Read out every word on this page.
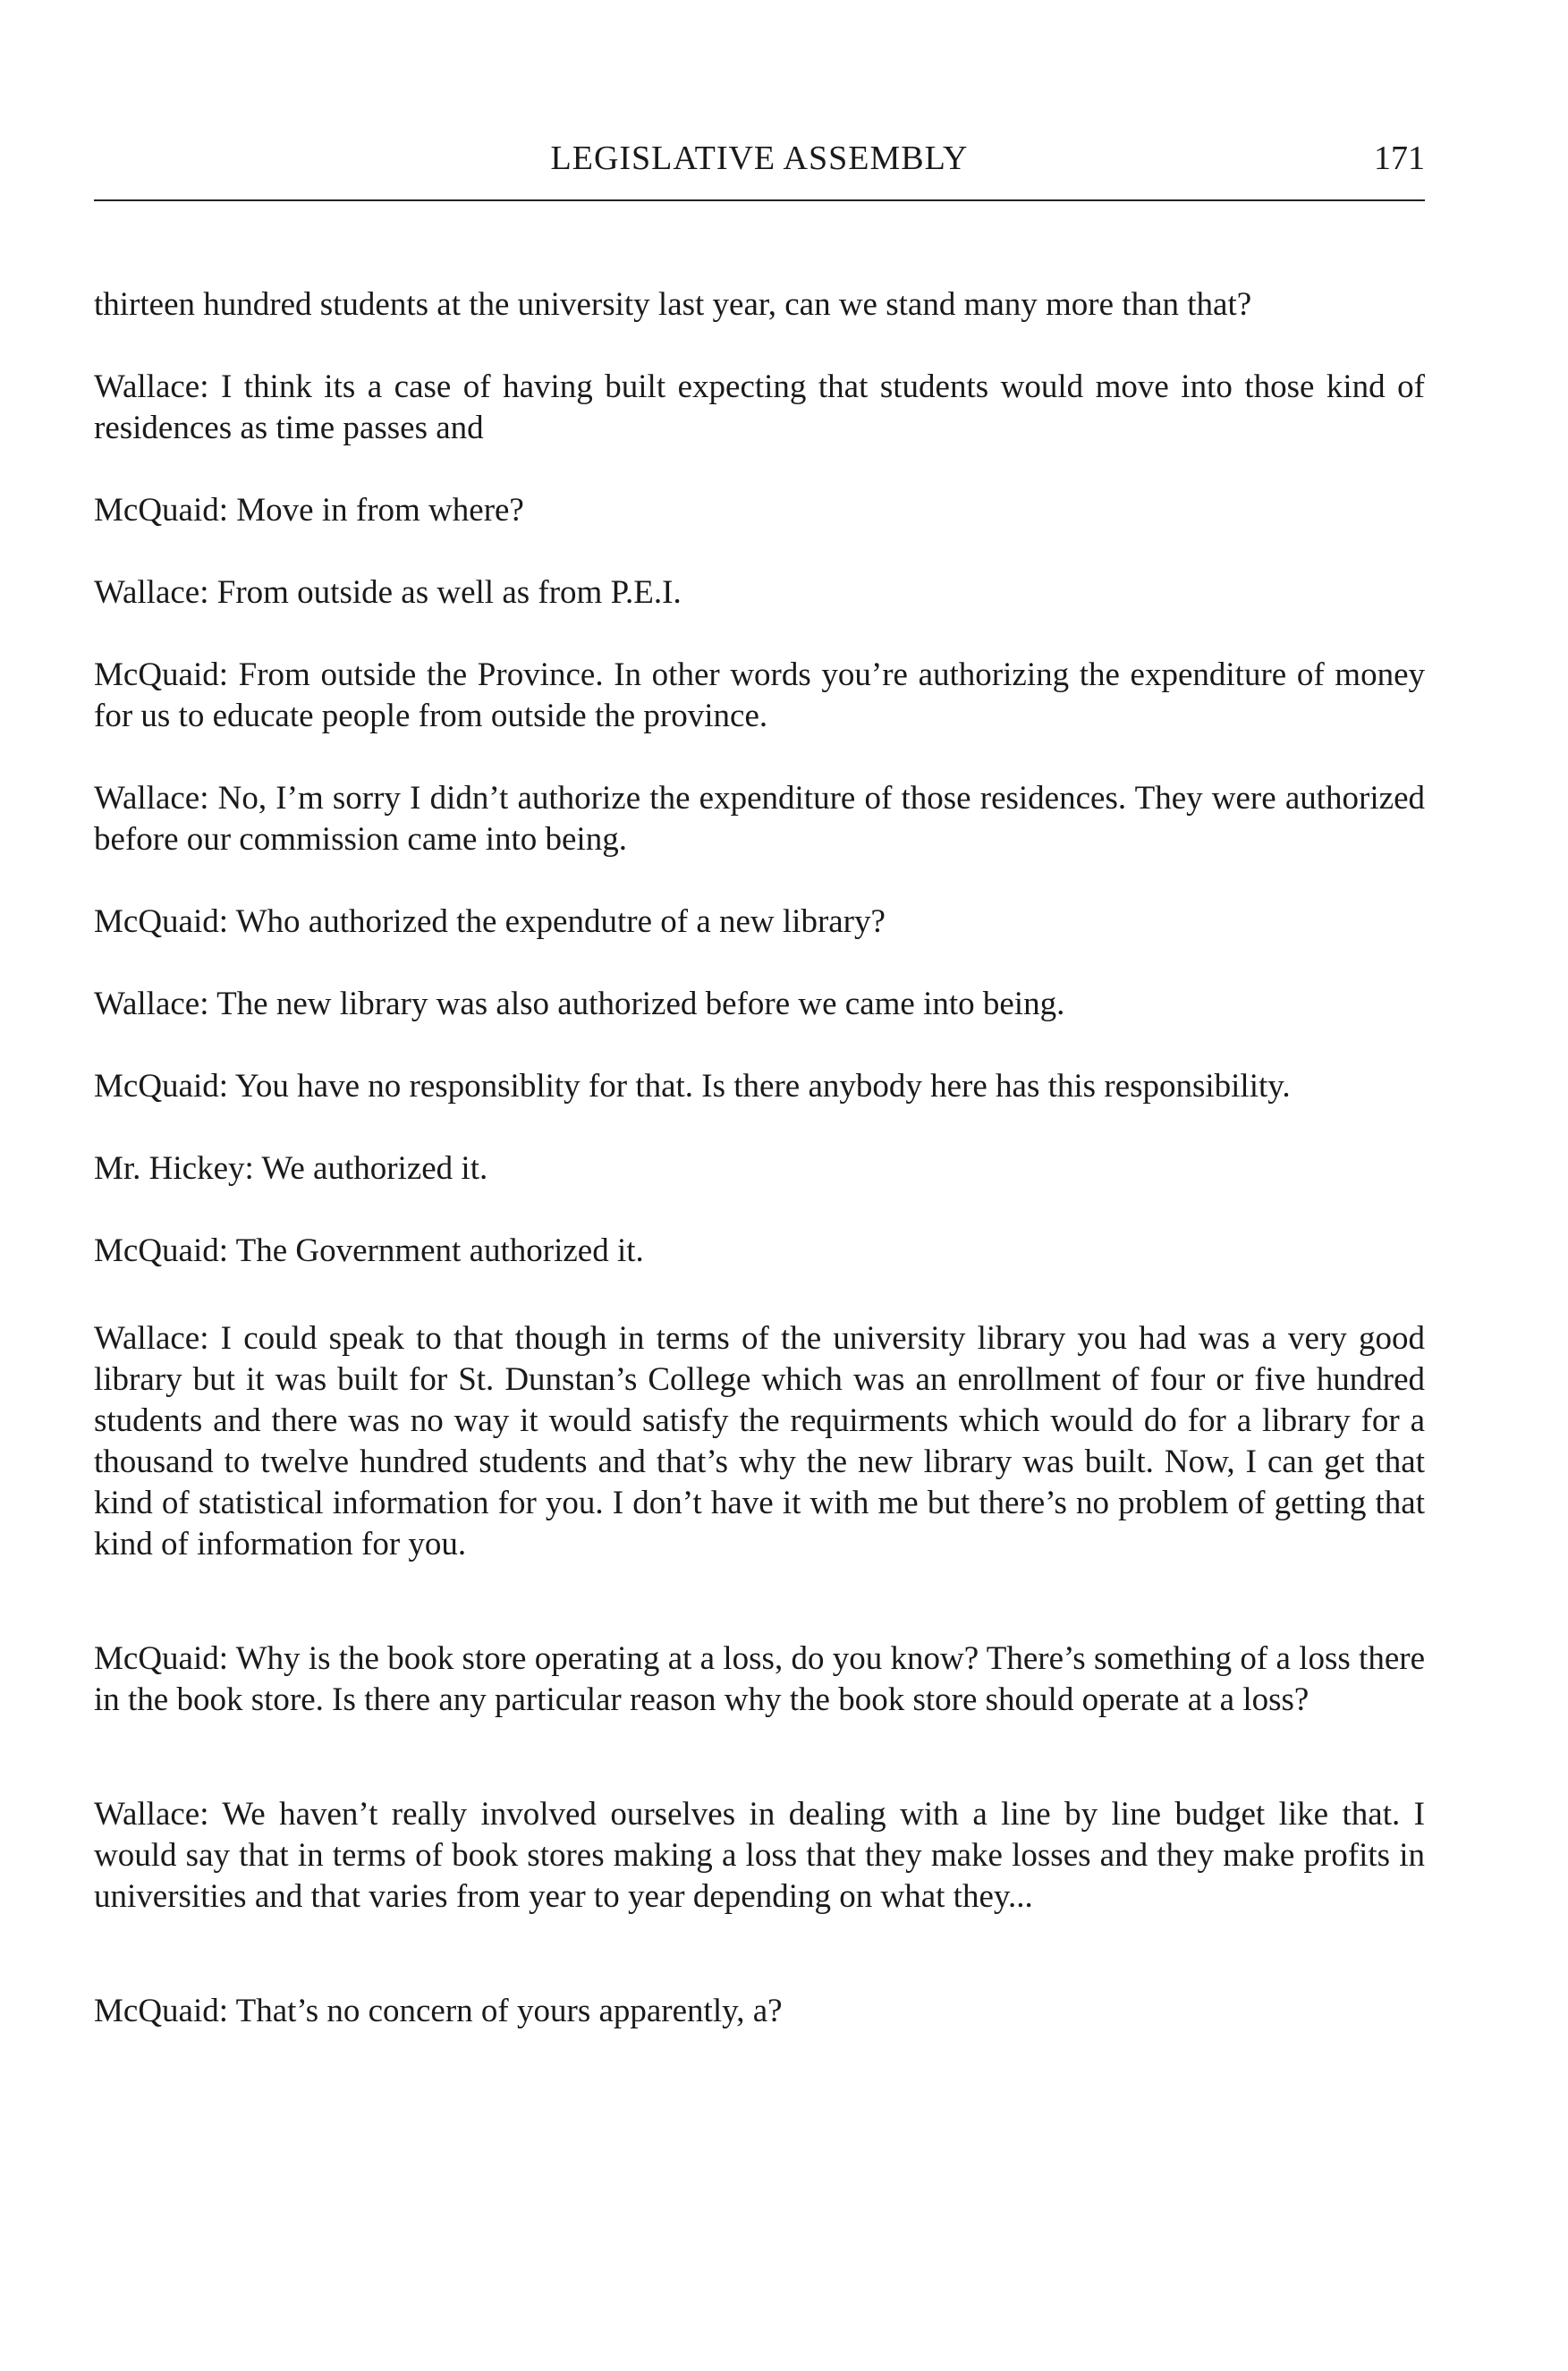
LEGISLATIVE ASSEMBLY	171

thirteen hundred students at the university last year, can we stand many more than that?

Wallace: I think its a case of having built expecting that students would move into those kind of residences as time passes and

McQuaid: Move in from where?

Wallace: From outside as well as from P.E.I.

McQuaid: From outside the Province. In other words you’re authorizing the expenditure of money for us to educate people from outside the province.

Wallace: No, I’m sorry I didn’t authorize the expenditure of those residences. They were authorized before our commission came into being.

McQuaid: Who authorized the expendutre of a new library?

Wallace: The new library was also authorized before we came into being.

McQuaid: You have no responsiblity for that. Is there anybody here has this responsibility.

Mr. Hickey: We authorized it.

McQuaid: The Government authorized it.

Wallace: I could speak to that though in terms of the university library you had was a very good library but it was built for St. Dunstan’s College which was an enrollment of four or five hundred students and there was no way it would satisfy the requirments which would do for a library for a thousand to twelve hundred students and that’s why the new library was built. Now, I can get that kind of statistical information for you. I don’t have it with me but there’s no problem of getting that kind of information for you.

McQuaid: Why is the book store operating at a loss, do you know? There’s something of a loss there in the book store. Is there any particular reason why the book store should operate at a loss?

Wallace: We haven’t really involved ourselves in dealing with a line by line budget like that. I would say that in terms of book stores making a loss that they make losses and they make profits in universities and that varies from year to year depending on what they...

McQuaid: That’s no concern of yours apparently, a?
